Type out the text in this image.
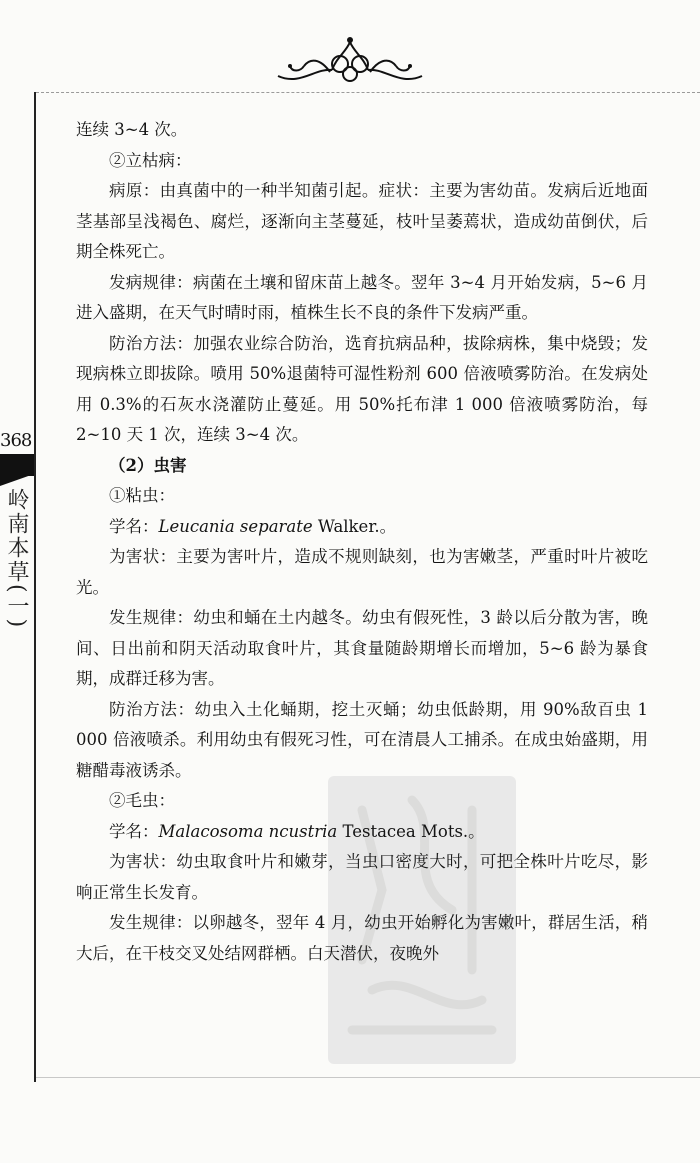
368
岭南本草(一)

连续 3~4 次。

②立枯病：

病原：由真菌中的一种半知菌引起。症状：主要为害幼苗。发病后近地面茎基部呈浅褐色、腐烂，逐渐向主茎蔓延，枝叶呈萎蔫状，造成幼苗倒伏，后期全株死亡。

发病规律：病菌在土壤和留床苗上越冬。翌年 3~4 月开始发病，5~6 月进入盛期，在天气时晴时雨，植株生长不良的条件下发病严重。

防治方法：加强农业综合防治，选育抗病品种，拔除病株，集中烧毁；发现病株立即拔除。喷用 50%退菌特可湿性粉剂 600 倍液喷雾防治。在发病处用 0.3%的石灰水浇灌防止蔓延。用 50%托布津 1 000 倍液喷雾防治，每 2~10 天 1 次，连续 3~4 次。

（2）虫害

①粘虫：

学名：Leucania separate Walker.。

为害状：主要为害叶片，造成不规则缺刻，也为害嫩茎，严重时叶片被吃光。

发生规律：幼虫和蛹在土内越冬。幼虫有假死性，3 龄以后分散为害，晚间、日出前和阴天活动取食叶片，其食量随龄期增长而增加，5~6 龄为暴食期，成群迁移为害。

防治方法：幼虫入土化蛹期，挖土灭蛹；幼虫低龄期，用 90%敌百虫 1 000 倍液喷杀。利用幼虫有假死习性，可在清晨人工捕杀。在成虫始盛期，用糖醋毒液诱杀。

②毛虫：

学名：Malacosoma ncustria Testacea Mots.。

为害状：幼虫取食叶片和嫩芽，当虫口密度大时，可把全株叶片吃尽，影响正常生长发育。

发生规律：以卵越冬，翌年 4 月，幼虫开始孵化为害嫩叶，群居生活，稍大后，在干枝交叉处结网群栖。白天潜伏，夜晚外
